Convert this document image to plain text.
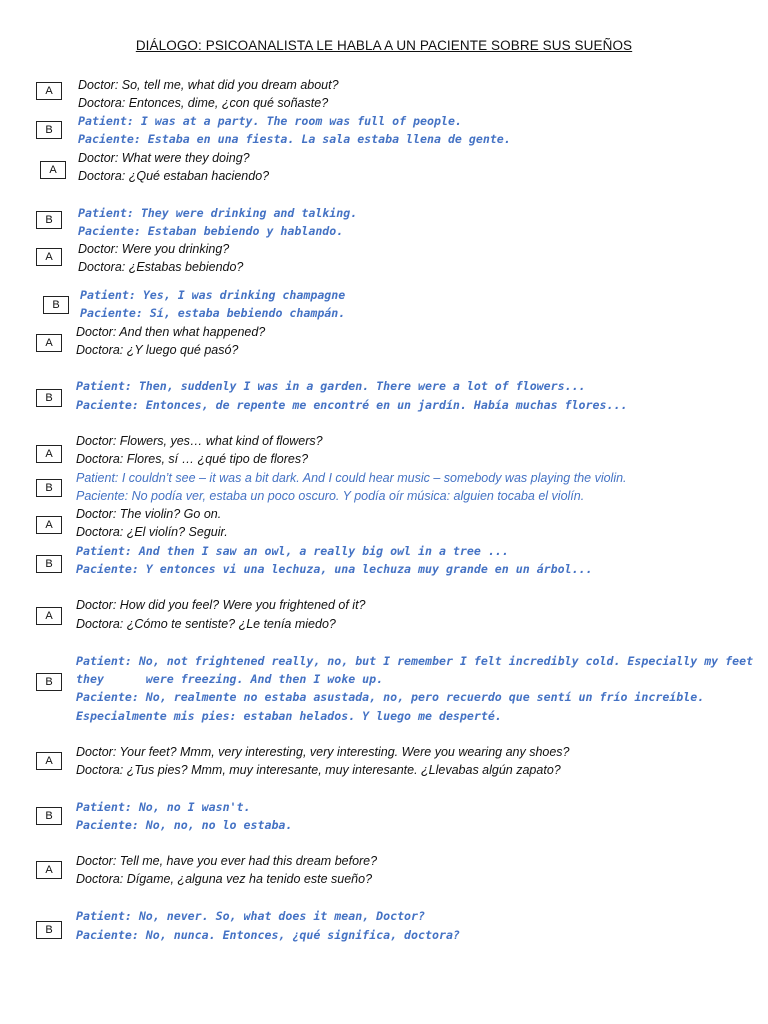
DIÁLOGO: PSICOANALISTA LE HABLA A UN PACIENTE SOBRE SUS SUEÑOS
A	Doctor: So, tell me, what did you dream about?
Doctora: Entonces, dime, ¿con qué soñaste?
B
Patient: I was at a party. The room was full of people.
Paciente: Estaba en una fiesta. La sala estaba llena de gente.
A
Doctor: What were they doing?
Doctora: ¿Qué estaban haciendo?
B	Patient: They were drinking and talking.
Paciente: Estaban bebiendo y hablando.
A
Doctor: Were you drinking?
Doctora: ¿Estabas bebiendo?
B
Patient: Yes, I was drinking champagne
Paciente: Sí, estaba bebiendo champán.
A
Doctor: And then what happened?
Doctora: ¿Y luego qué pasó?
B
Patient: Then, suddenly I was in a garden. There were a lot of flowers...
Paciente: Entonces, de repente me encontré en un jardín. Había muchas flores...
A
Doctor: Flowers, yes… what kind of flowers?
Doctora: Flores, sí … ¿qué tipo de flores?
B
Patient: I couldn’t see – it was a bit dark. And I could hear music – somebody was playing the violin.
Paciente: No podía ver, estaba un poco oscuro. Y podía oír música: alguien tocaba el violín.
A
Doctor: The violin? Go on.
Doctora: ¿El violín? Seguir.
B
Patient: And then I saw an owl, a really big owl in a tree ...
Paciente: Y entonces vi una lechuza, una lechuza muy grande en un árbol...
A
Doctor: How did you feel? Were you frightened of it?
Doctora: ¿Cómo te sentiste? ¿Le tenía miedo?
B
Patient: No, not frightened really, no, but I remember I felt incredibly cold. Especially my feet
they      were freezing. And then I woke up.
Paciente: No, realmente no estaba asustada, no, pero recuerdo que sentí un frío increíble.
Especialmente mis pies: estaban helados. Y luego me desperté.
A
Doctor: Your feet? Mmm, very interesting, very interesting. Were you wearing any shoes?
Doctora: ¿Tus pies? Mmm, muy interesante, muy interesante. ¿Llevabas algún zapato?
B
Patient: No, no I wasn't.
Paciente: No, no, no lo estaba.
A
Doctor: Tell me, have you ever had this dream before?
Doctora: Dígame, ¿alguna vez ha tenido este sueño?
B
Patient: No, never. So, what does it mean, Doctor?
Paciente: No, nunca. Entonces, ¿qué significa, doctora?
